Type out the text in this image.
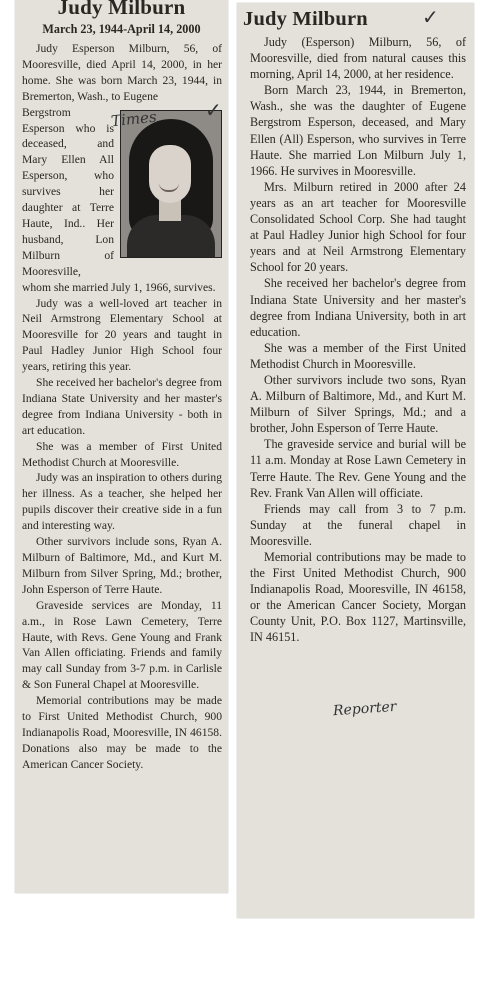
Judy Milburn
March 23, 1944-April 14, 2000

Judy Esperson Milburn, 56, of Mooresville, died April 14, 2000, in her home. She was born March 23, 1944, in Bremerton, Wash., to Eugene

Bergstrom Esperson who is deceased, and Mary Ellen All Esperson, who survives her daughter at Terre Haute, Ind.. Her husband, Lon Milburn of Mooresville,

whom she married July 1, 1966, survives.

Judy was a well-loved art teacher in Neil Armstrong Elementary School at Mooresville for 20 years and taught in Paul Hadley Junior High School four years, retiring this year.

She received her bachelor's degree from Indiana State University and her master's degree from Indiana University - both in art education.

She was a member of First United Methodist Church at Mooresville.

Judy was an inspiration to others during her illness. As a teacher, she helped her pupils discover their creative side in a fun and interesting way.

Other survivors include sons, Ryan A. Milburn of Baltimore, Md., and Kurt M. Milburn from Silver Spring, Md.; brother, John Esperson of Terre Haute.

Graveside services are Monday, 11 a.m., in Rose Lawn Cemetery, Terre Haute, with Revs. Gene Young and Frank Van Allen officiating. Friends and family may call Sunday from 3-7 p.m. in Carlisle & Son Funeral Chapel at Mooresville.

Memorial contributions may be made to First United Methodist Church, 900 Indianapolis Road, Mooresville, IN 46158. Donations also may be made to the American Cancer Society.

Times ✓
Judy Milburn

Judy (Esperson) Milburn, 56, of Mooresville, died from natural causes this morning, April 14, 2000, at her residence.

Born March 23, 1944, in Bremerton, Wash., she was the daughter of Eugene Bergstrom Esperson, deceased, and Mary Ellen (All) Esperson, who survives in Terre Haute. She married Lon Milburn July 1, 1966. He survives in Mooresville.

Mrs. Milburn retired in 2000 after 24 years as an art teacher for Mooresville Consolidated School Corp. She had taught at Paul Hadley Junior high School for four years and at Neil Armstrong Elementary School for 20 years.

She received her bachelor's degree from Indiana State University and her master's degree from Indiana University, both in art education.

She was a member of the First United Methodist Church in Mooresville.

Other survivors include two sons, Ryan A. Milburn of Baltimore, Md., and Kurt M. Milburn of Silver Springs, Md.; and a brother, John Esperson of Terre Haute.

The graveside service and burial will be 11 a.m. Monday at Rose Lawn Cemetery in Terre Haute. The Rev. Gene Young and the Rev. Frank Van Allen will officiate.

Friends may call from 3 to 7 p.m. Sunday at the funeral chapel in Mooresville.

Memorial contributions may be made to the First United Methodist Church, 900 Indianapolis Road, Mooresville, IN 46158, or the American Cancer Society, Morgan County Unit, P.O. Box 1127, Martinsville, IN 46151.

Reporter
✓
